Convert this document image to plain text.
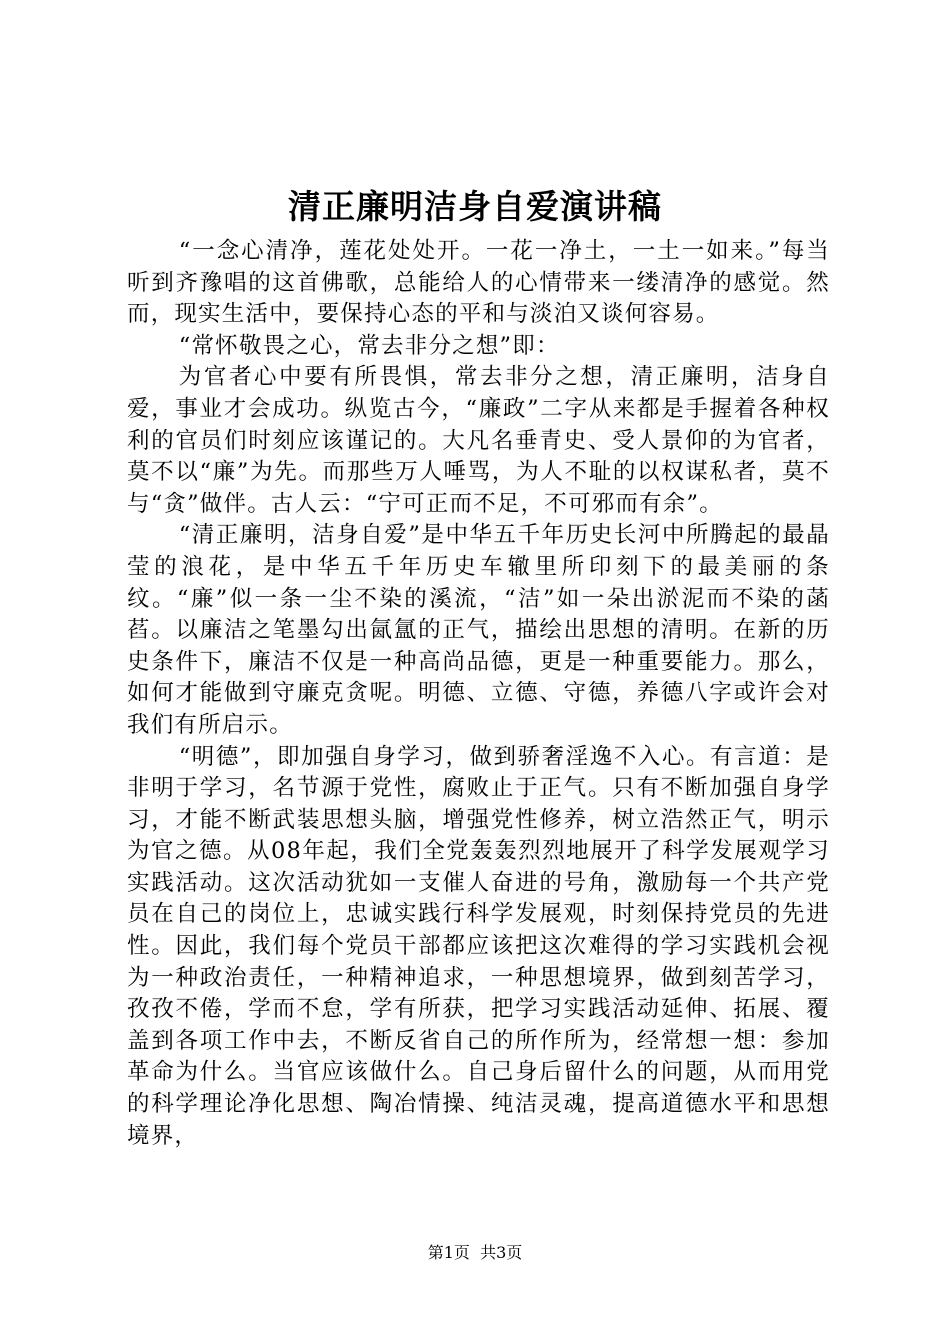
清正廉明洁身自爱演讲稿

“一念心清净，莲花处处开。一花一净土，一土一如来。”每当听到齐豫唱的这首佛歌，总能给人的心情带来一缕清净的感觉。然而，现实生活中，要保持心态的平和与淡泊又谈何容易。

“常怀敬畏之心，常去非分之想”即：

为官者心中要有所畏惧，常去非分之想，清正廉明，洁身自爱，事业才会成功。纵览古今，“廉政”二字从来都是手握着各种权利的官员们时刻应该谨记的。大凡名垂青史、受人景仰的为官者，莫不以“廉”为先。而那些万人唾骂，为人不耻的以权谋私者，莫不与“贪”做伴。古人云：“宁可正而不足，不可邪而有余”。

“清正廉明，洁身自爱”是中华五千年历史长河中所腾起的最晶莹的浪花，是中华五千年历史车辙里所印刻下的最美丽的条纹。“廉”似一条一尘不染的溪流，“洁”如一朵出淤泥而不染的菡萏。以廉洁之笔墨勾出氤氲的正气，描绘出思想的清明。在新的历史条件下，廉洁不仅是一种高尚品德，更是一种重要能力。那么，如何才能做到守廉克贪呢。明德、立德、守德，养德八字或许会对我们有所启示。

“明德”，即加强自身学习，做到骄奢淫逸不入心。有言道：是非明于学习，名节源于党性，腐败止于正气。只有不断加强自身学习，才能不断武装思想头脑，增强党性修养，树立浩然正气，明示为官之德。从08年起，我们全党轰轰烈烈地展开了科学发展观学习实践活动。这次活动犹如一支催人奋进的号角，激励每一个共产党员在自己的岗位上，忠诚实践行科学发展观，时刻保持党员的先进性。因此，我们每个党员干部都应该把这次难得的学习实践机会视为一种政治责任，一种精神追求，一种思想境界，做到刻苦学习，孜孜不倦，学而不怠，学有所获，把学习实践活动延伸、拓展、覆盖到各项工作中去，不断反省自己的所作所为，经常想一想：参加革命为什么。当官应该做什么。自己身后留什么的问题，从而用党的科学理论净化思想、陶冶情操、纯洁灵魂，提高道德水平和思想境界，

第1页 共3页
